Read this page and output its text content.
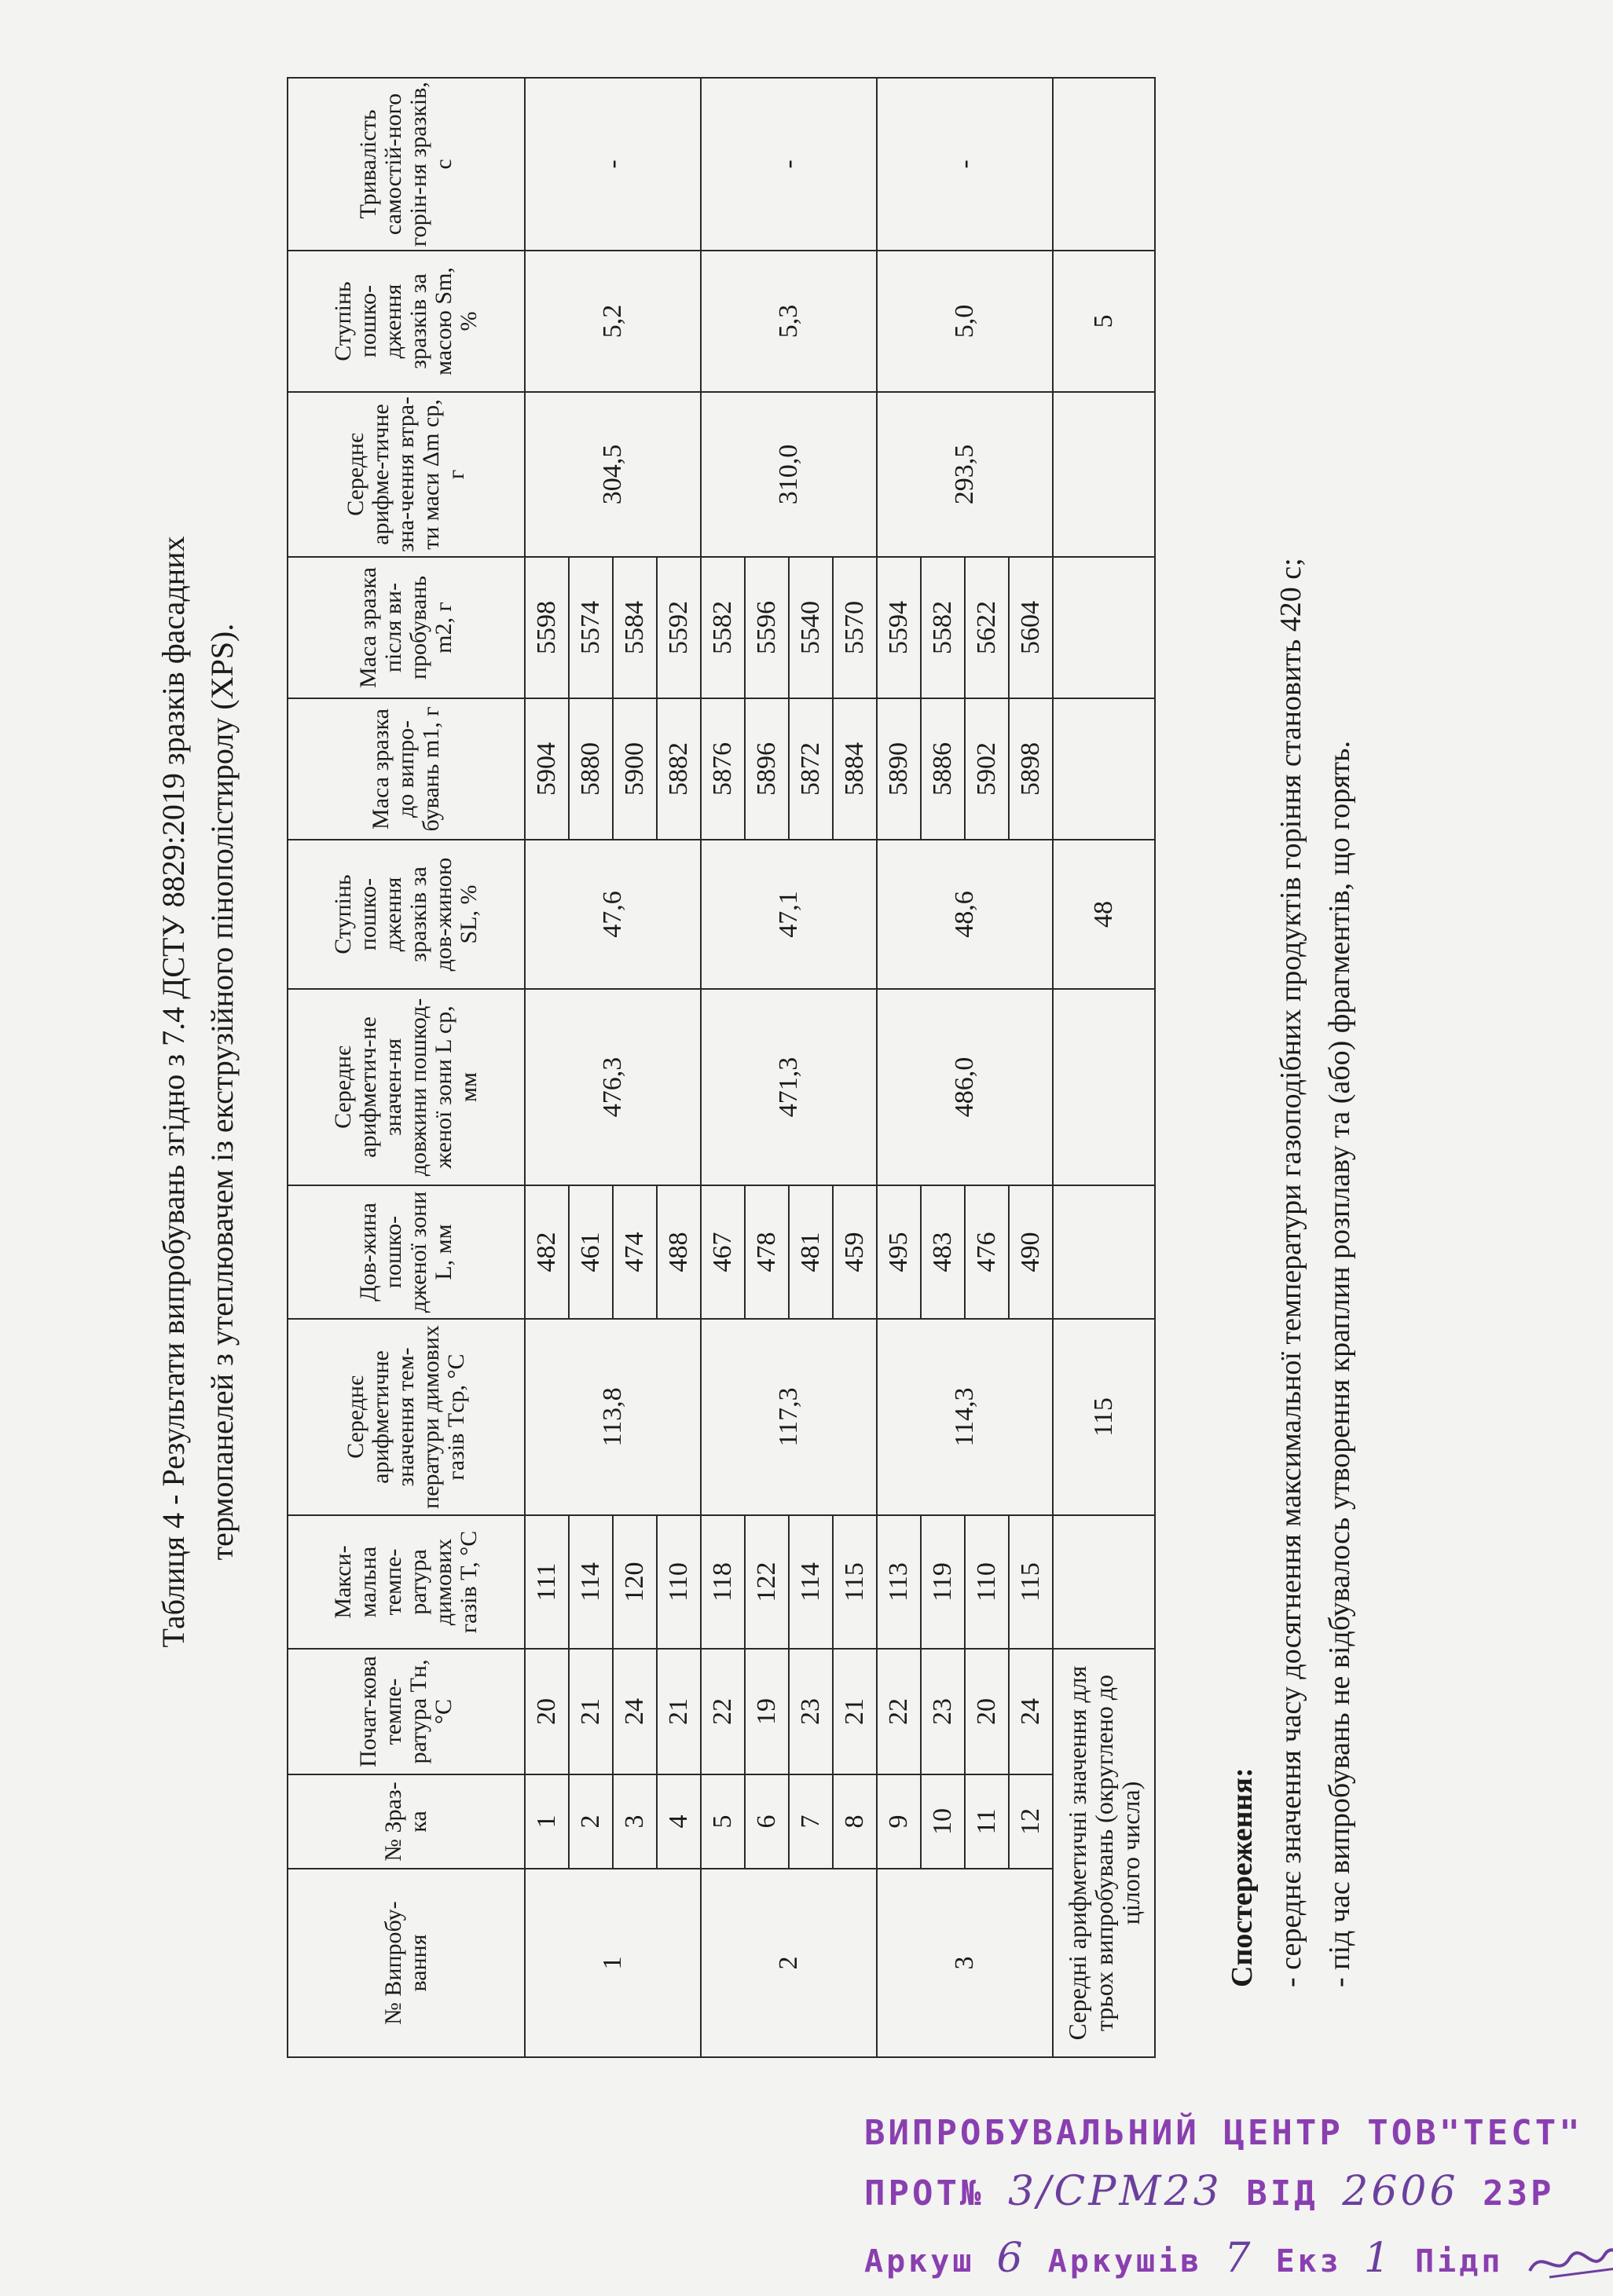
Таблиця 4 - Результати випробувань згідно з 7.4 ДСТУ 8829:2019 зразків фасадних термопанелей з утеплювачем із екструзійного пінополістиролу (XPS).
№ Випробу-вання	№ Зраз-ка	Почат-кова темпе-ратура Tн, °C	Макси-мальна темпе-ратура димових газів T, °C	Середнє арифметичне значення тем-ператури димових газів Tср, °C	Дов-жина пошко-дженої зони L, мм	Середнє арифметич-не значен-ня довжини пошкод-женої зони L ср, мм	Ступінь пошко-дження зразків за дов-жиною SL, %	Маса зразка до випро-бувань m1, г	Маса зразка після ви-пробувань m2, г	Середнє арифме-тичне зна-чення втра-ти маси Δm ср, г	Ступінь пошко-дження зразків за масою Sm, %	Тривалість самостій-ного горін-ня зразків, с
1	1	20	111	113,8	482	476,3	47,6	5904	5598	304,5	5,2	-
	2	21	114		461			5880	5574			
	3	24	120		474			5900	5584			
	4	21	110		488			5882	5592			
2	5	22	118	117,3	467	471,3	47,1	5876	5582	310,0	5,3	-
	6	19	122		478			5896	5596			
	7	23	114		481			5872	5540			
	8	21	115		459			5884	5570			
3	9	22	113	114,3	495	486,0	48,6	5890	5594	293,5	5,0	-
	10	23	119		483			5886	5582			
	11	20	110		476			5902	5622			
	12	24	115		490			5898	5604			
Середні арифметичні значення для трьох випробувань (округлено до цілого числа)				115			48				5	
Спостереження: - середнє значення часу досягнення максимальної температури газоподібних продуктів горіння становить 420 с; - під час випробувань не відбувалось утворення краплин розплаву та (або) фрагментів, що горять.
ВИПРОБУВАЛЬНИЙ ЦЕНТР ТОВ"ТЕСТ"
ПРОТ№ 3/СРМ23 ВІД 2606 23Р
Аркуш 6 Аркушів 7 Екз 1 Підп
